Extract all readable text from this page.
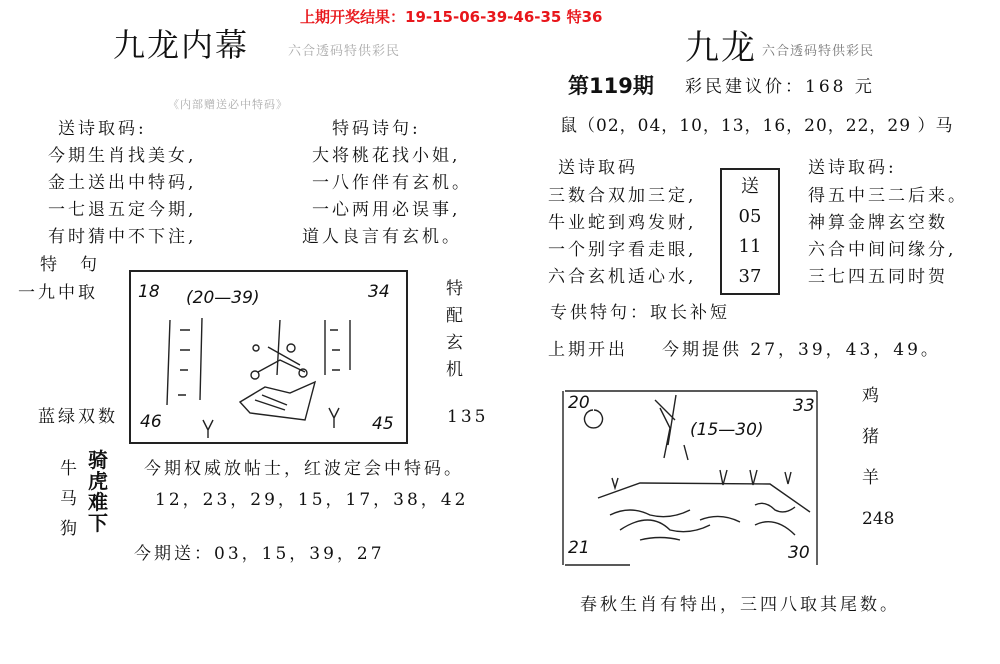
上期开奖结果：19-15-06-39-46-35 特36
九龙内幕	六合透码特供彩民
《内部赠送必中特码》
送诗取码:
今期生肖找美女,
金土送出中特码,
一七退五定今期,
有时猜中不下注,
特码诗句:
大将桃花找小姐,
一八作伴有玄机。
一心两用必误事,
道人良言有玄机。
特　句
一九中取
蓝绿双数
18	34
46	45
(20—39)	特
配
玄
机
135
牛
马
狗
骑
虎
难
下
今期权威放帖士，红波定会中特码。
12，23，29，15，17，38，42
今期送：03，15，39，27
九龙 六合透码特供彩民
第119期 彩民建议价：168 元
鼠（02，04，10，13，16，20，22，29 ）马
送诗取码
三数合双加三定,
牛业蛇到鸡发财,
一个别字看走眼,
六合玄机适心水,
送
05
11
37
送诗取码:
得五中三二后来。
神算金牌玄空数
六合中间问缘分,
三七四五同时贺
专供特句：取长补短
上期开出 今期提供 27，39，43，49。
20	33
21	30
(15—30)
鸡
猪
羊
248
春秋生肖有特出，三四八取其尾数。
